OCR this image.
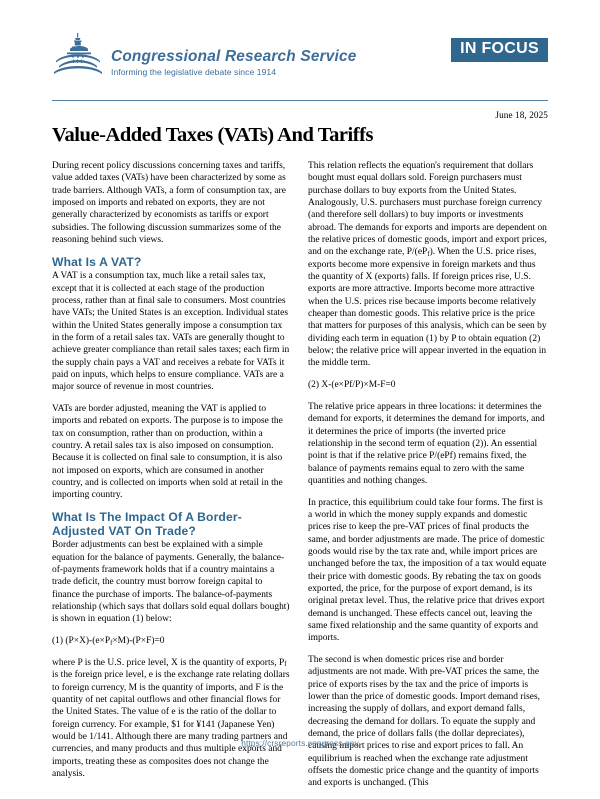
Congressional Research Service
Informing the legislative debate since 1914
IN FOCUS
June 18, 2025
Value-Added Taxes (VATs) And Tariffs

During recent policy discussions concerning taxes and tariffs, value added taxes (VATs) have been characterized by some as trade barriers. Although VATs, a form of consumption tax, are imposed on imports and rebated on exports, they are not generally characterized by economists as tariffs or export subsidies. The following discussion summarizes some of the reasoning behind such views.

What Is A VAT?

A VAT is a consumption tax, much like a retail sales tax, except that it is collected at each stage of the production process, rather than at final sale to consumers. Most countries have VATs; the United States is an exception. Individual states within the United States generally impose a consumption tax in the form of a retail sales tax. VATs are generally thought to achieve greater compliance than retail sales taxes; each firm in the supply chain pays a VAT and receives a rebate for VATs it paid on inputs, which helps to ensure compliance. VATs are a major source of revenue in most countries.

VATs are border adjusted, meaning the VAT is applied to imports and rebated on exports. The purpose is to impose the tax on consumption, rather than on production, within a country. A retail sales tax is also imposed on consumption. Because it is collected on final sale to consumption, it is also not imposed on exports, which are consumed in another country, and is collected on imports when sold at retail in the importing country.

What Is The Impact Of A Border-Adjusted VAT On Trade?

Border adjustments can best be explained with a simple equation for the balance of payments. Generally, the balance-of-payments framework holds that if a country maintains a trade deficit, the country must borrow foreign capital to finance the purchase of imports. The balance-of-payments relationship (which says that dollars sold equal dollars bought) is shown in equation (1) below:

(1) $(P\times X)-(e\times P_f\times M)-(P\times F)=0$

where P is the U.S. price level, X is the quantity of exports, $P_f$ is the foreign price level, e is the exchange rate relating dollars to foreign currency, M is the quantity of imports, and F is the quantity of net capital outflows and other financial flows for the United States. The value of e is the ratio of the dollar to foreign currency. For example, $1 for ¥141 (Japanese Yen) would be 1/141. Although there are many trading partners and currencies, and many products and thus multiple exports and imports, treating these as composites does not change the analysis.

This relation reflects the equation's requirement that dollars bought must equal dollars sold. Foreign purchasers must purchase dollars to buy exports from the United States. Analogously, U.S. purchasers must purchase foreign currency (and therefore sell dollars) to buy imports or investments abroad. The demands for exports and imports are dependent on the relative prices of domestic goods, import and export prices, and on the exchange rate, $P/(eP_f)$. When the U.S. price rises, exports become more expensive in foreign markets and thus the quantity of X (exports) falls. If foreign prices rise, U.S. exports are more attractive. Imports become more attractive when the U.S. prices rise because imports become relatively cheaper than domestic goods. This relative price is the price that matters for purposes of this analysis, which can be seen by dividing each term in equation (1) by P to obtain equation (2) below; the relative price will appear inverted in the equation in the middle term.

(2) X-(e×Pf/P)×M-F=0

The relative price appears in three locations: it determines the demand for exports, it determines the demand for imports, and it determines the price of imports (the inverted price relationship in the second term of equation (2)). An essential point is that if the relative price P/(ePf) remains fixed, the balance of payments remains equal to zero with the same quantities and nothing changes.

In practice, this equilibrium could take four forms. The first is a world in which the money supply expands and domestic prices rise to keep the pre-VAT prices of final products the same, and border adjustments are made. The price of domestic goods would rise by the tax rate and, while import prices are unchanged before the tax, the imposition of a tax would equate their price with domestic goods. By rebating the tax on goods exported, the price, for the purpose of export demand, is its original pretax level. Thus, the relative price that drives export demand is unchanged. These effects cancel out, leaving the same fixed relationship and the same quantity of exports and imports.

The second is when domestic prices rise and border adjustments are not made. With pre-VAT prices the same, the price of exports rises by the tax and the price of imports is lower than the price of domestic goods. Import demand rises, increasing the supply of dollars, and export demand falls, decreasing the demand for dollars. To equate the supply and demand, the price of dollars falls (the dollar depreciates), causing import prices to rise and export prices to fall. An equilibrium is reached when the exchange rate adjustment offsets the domestic price change and the quantity of imports and exports is unchanged. (This

https://crsreports.congress.gov
